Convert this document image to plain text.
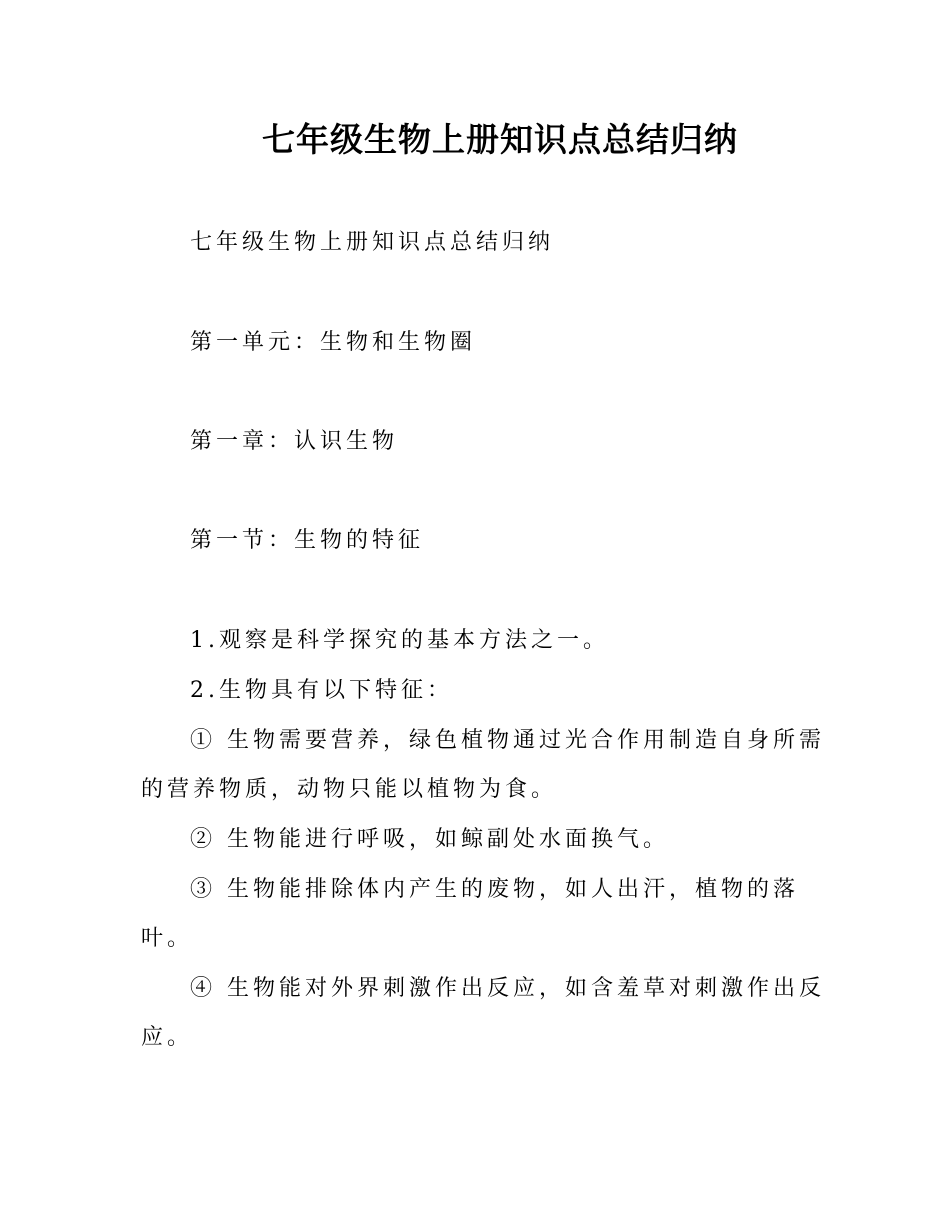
七年级生物上册知识点总结归纳
七年级生物上册知识点总结归纳
第一单元：生物和生物圈
第一章：认识生物
第一节：生物的特征
1.观察是科学探究的基本方法之一。
2.生物具有以下特征：
① 生物需要营养，绿色植物通过光合作用制造自身所需
的营养物质，动物只能以植物为食。
② 生物能进行呼吸，如鲸副处水面换气。
③ 生物能排除体内产生的废物，如人出汗，植物的落
叶。
④ 生物能对外界刺激作出反应，如含羞草对刺激作出反
应。
